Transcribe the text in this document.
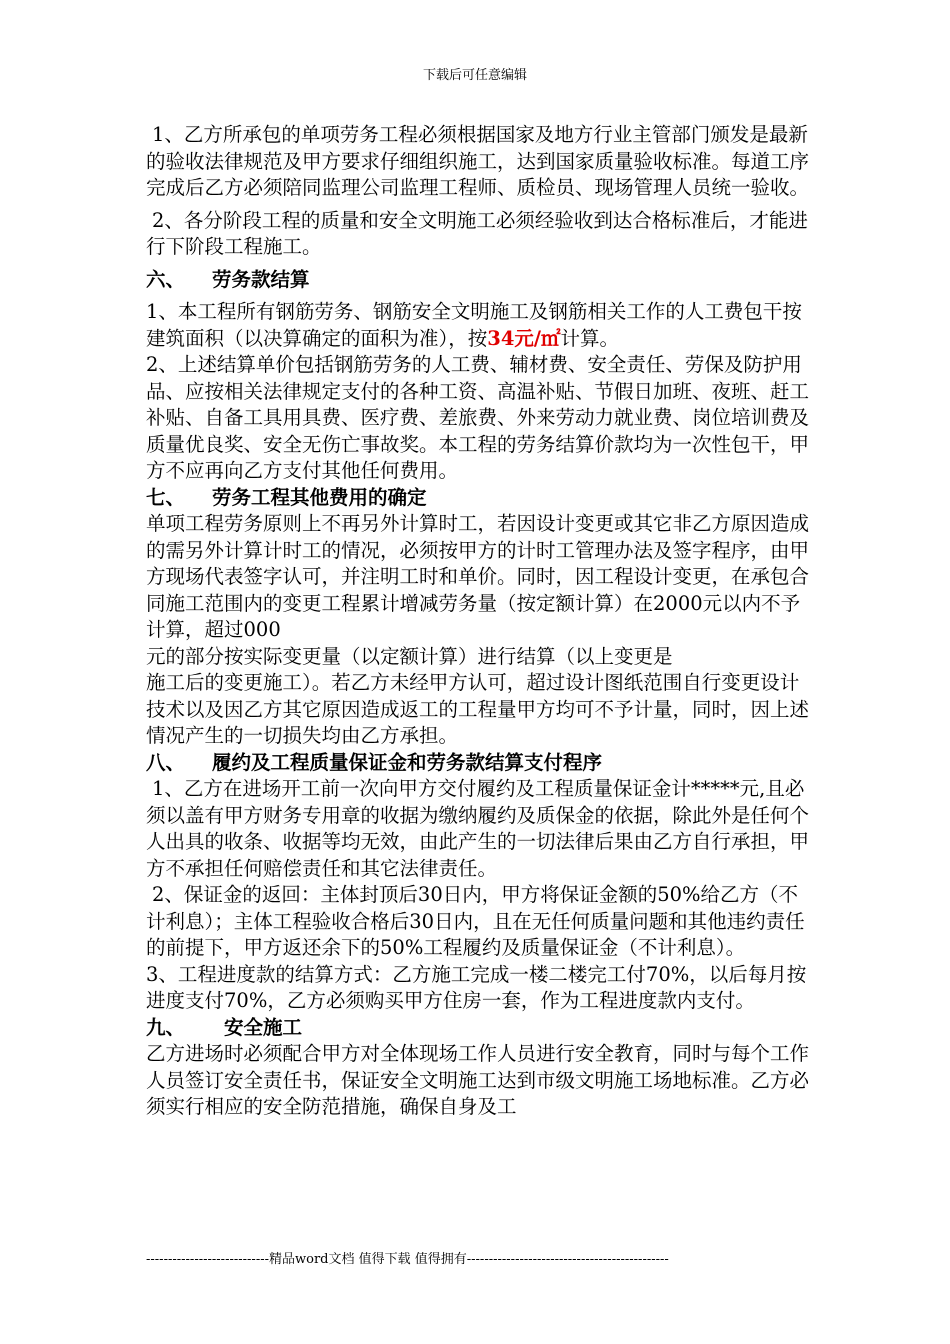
下载后可任意编辑

1、乙方所承包的单项劳务工程必须根据国家及地方行业主管部门颁发是最新的验收法律规范及甲方要求仔细组织施工，达到国家质量验收标准。每道工序完成后乙方必须陪同监理公司监理工程师、质检员、现场管理人员统一验收。

2、各分阶段工程的质量和安全文明施工必须经验收到达合格标准后，才能进行下阶段工程施工。

六、 劳务款结算

1、本工程所有钢筋劳务、钢筋安全文明施工及钢筋相关工作的人工费包干按建筑面积（以决算确定的面积为准），按34元/㎡计算。

2、上述结算单价包括钢筋劳务的人工费、辅材费、安全责任、劳保及防护用品、应按相关法律规定支付的各种工资、高温补贴、节假日加班、夜班、赶工补贴、自备工具用具费、医疗费、差旅费、外来劳动力就业费、岗位培训费及质量优良奖、安全无伤亡事故奖。本工程的劳务结算价款均为一次性包干，甲方不应再向乙方支付其他任何费用。

七、 劳务工程其他费用的确定

单项工程劳务原则上不再另外计算时工，若因设计变更或其它非乙方原因造成的需另外计算计时工的情况，必须按甲方的计时工管理办法及签字程序，由甲方现场代表签字认可，并注明工时和单价。同时，因工程设计变更，在承包合同施工范围内的变更工程累计增减劳务量（按定额计算）在2000元以内不予计算，超过000

元的部分按实际变更量（以定额计算）进行结算（以上变更是

施工后的变更施工）。若乙方未经甲方认可，超过设计图纸范围自行变更设计技术以及因乙方其它原因造成返工的工程量甲方均可不予计量，同时，因上述情况产生的一切损失均由乙方承担。

八、 履约及工程质量保证金和劳务款结算支付程序

1、乙方在进场开工前一次向甲方交付履约及工程质量保证金计*****元,且必须以盖有甲方财务专用章的收据为缴纳履约及质保金的依据，除此外是任何个人出具的收条、收据等均无效，由此产生的一切法律后果由乙方自行承担，甲方不承担任何赔偿责任和其它法律责任。

2、保证金的返回：主体封顶后30日内，甲方将保证金额的50%给乙方（不

计利息）；主体工程验收合格后30日内，且在无任何质量问题和其他违约责任的前提下，甲方返还余下的50%工程履约及质量保证金（不计利息）。

3、工程进度款的结算方式：乙方施工完成一楼二楼完工付70%，以后每月按进度支付70%，乙方必须购买甲方住房一套，作为工程进度款内支付。

九、 安全施工

乙方进场时必须配合甲方对全体现场工作人员进行安全教育，同时与每个工作人员签订安全责任书，保证安全文明施工达到市级文明施工场地标准。乙方必须实行相应的安全防范措施，确保自身及工

----------------------------精品word文档 值得下载 值得拥有----------------------------------------------
